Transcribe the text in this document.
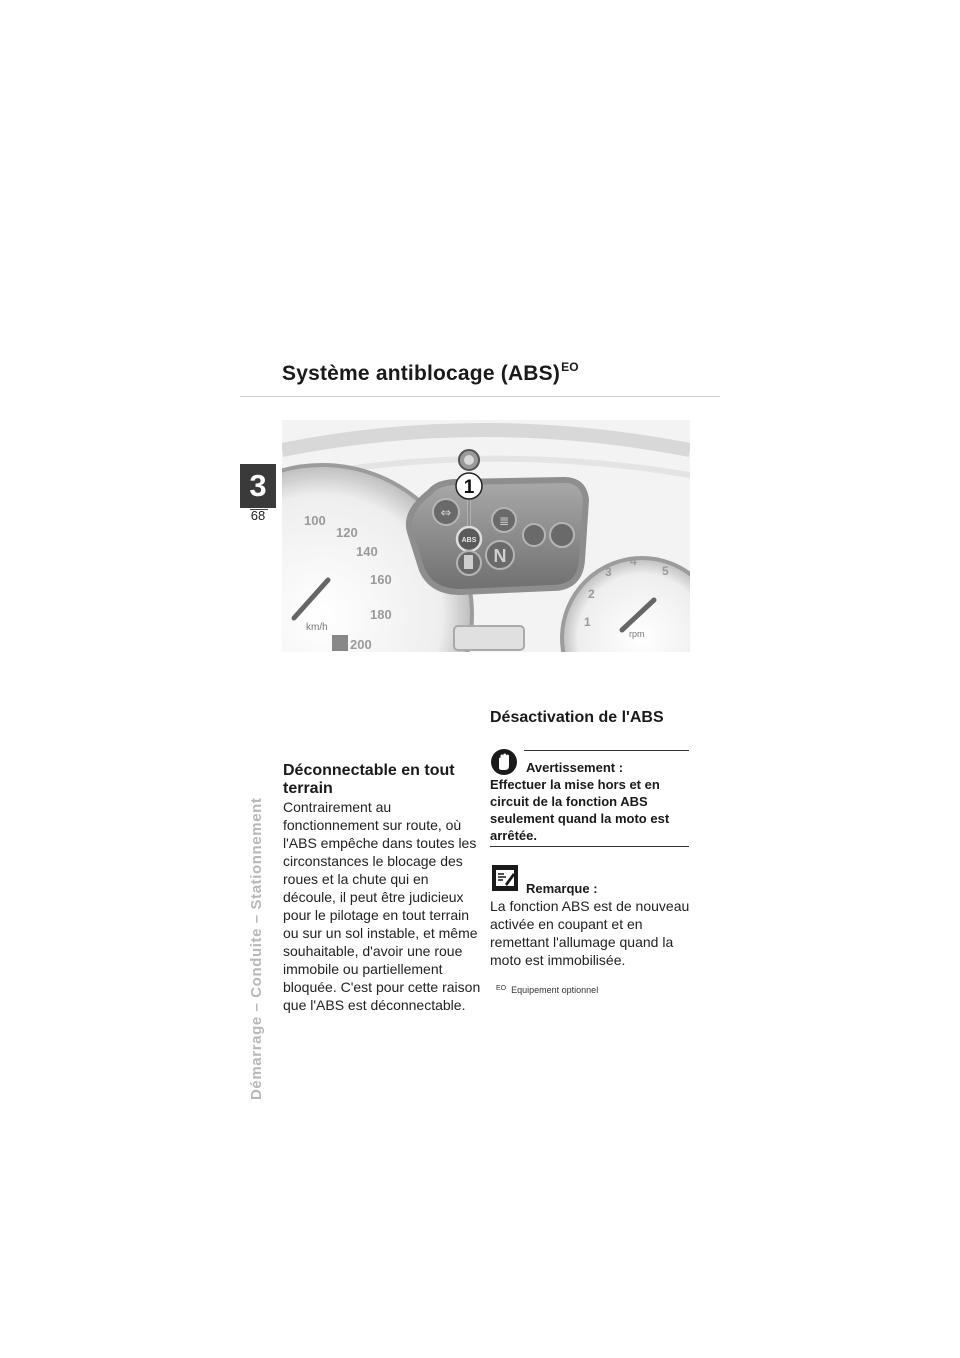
Système antiblocage (ABS)$^{EO}$
3
68
Démarrage – Conduite – Stationnement
100
120
140
160
180
200
km/h	1
2
3
4
5
rpm
⇔
ABS
≣
N
1
Déconnectable en tout terrain

Contrairement au fonctionnement sur route, où l'ABS empêche dans toutes les circonstances le blocage des roues et la chute qui en découle, il peut être judicieux pour le pilotage en tout terrain ou sur un sol instable, et même souhaitable, d'avoir une roue immobile ou partiellement bloquée. C'est pour cette raison que l'ABS est déconnectable.

Désactivation de l'ABS
Avertissement :

Effectuer la mise hors et en circuit de la fonction ABS seulement quand la moto est arrêtée.

Remarque :

La fonction ABS est de nouveau activée en coupant et en remettant l'allumage quand la moto est immobilisée.

$^{EO}$ Equipement optionnel
